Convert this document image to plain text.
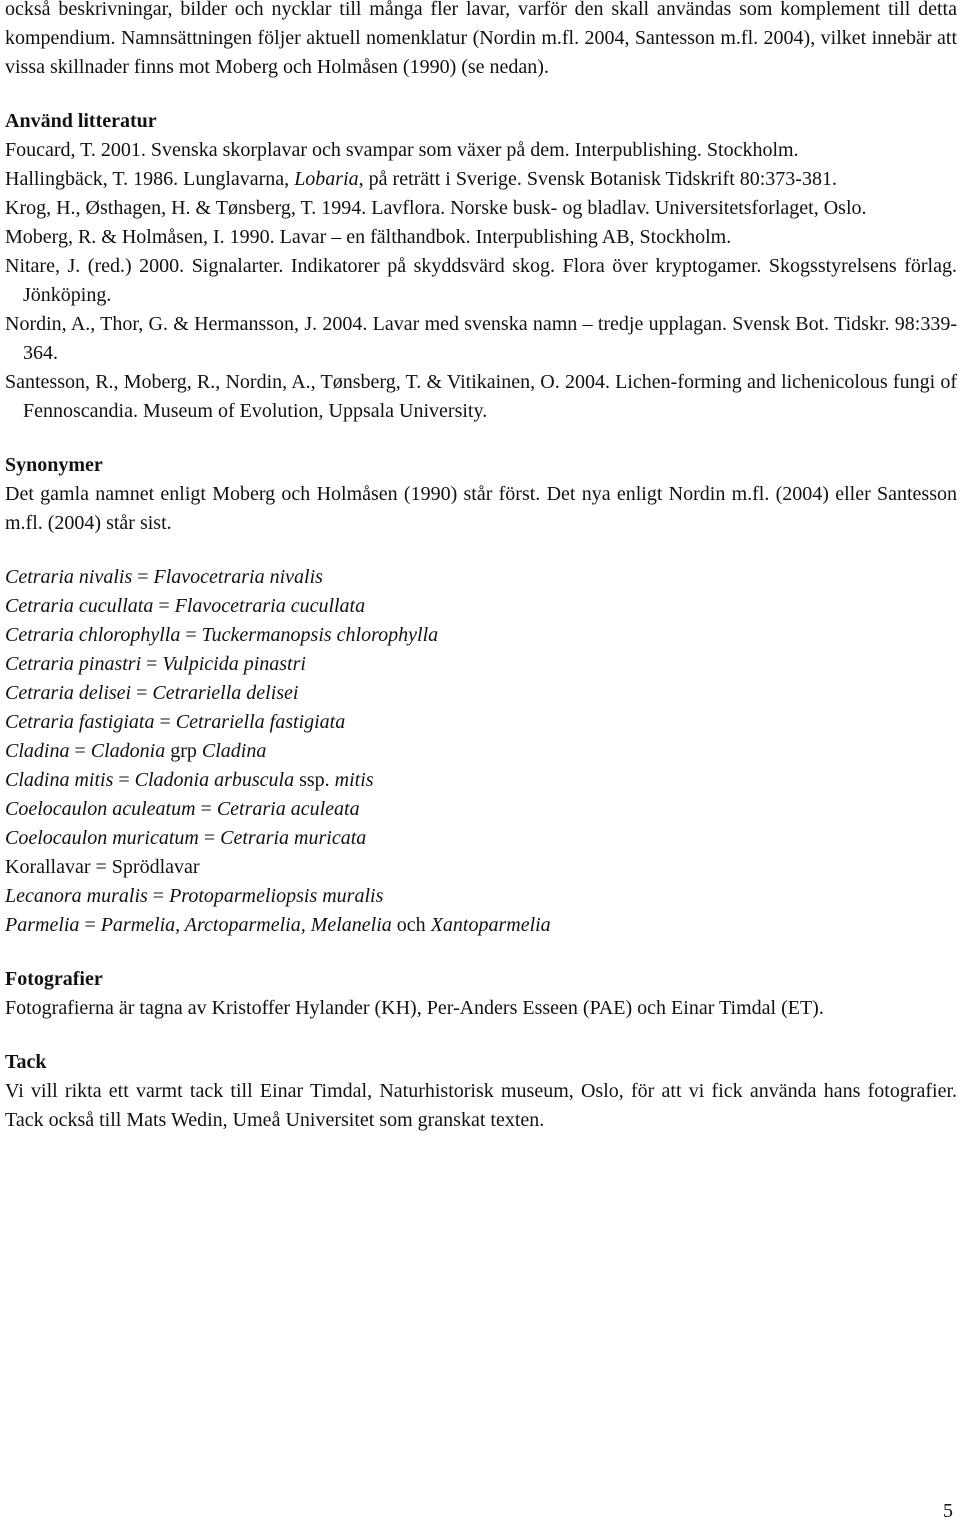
också beskrivningar, bilder och nycklar till många fler lavar, varför den skall användas som komplement till detta kompendium. Namnsättningen följer aktuell nomenklatur (Nordin m.fl. 2004, Santesson m.fl. 2004), vilket innebär att vissa skillnader finns mot Moberg och Holmåsen (1990) (se nedan).
Använd litteratur
Foucard, T. 2001. Svenska skorplavar och svampar som växer på dem. Interpublishing. Stockholm.
Hallingbäck, T. 1986. Lunglavarna, Lobaria, på reträtt i Sverige. Svensk Botanisk Tidskrift 80:373-381.
Krog, H., Østhagen, H. & Tønsberg, T. 1994. Lavflora. Norske busk- og bladlav. Universitetsforlaget, Oslo.
Moberg, R. & Holmåsen, I. 1990. Lavar – en fälthandbok. Interpublishing AB, Stockholm.
Nitare, J. (red.) 2000. Signalarter. Indikatorer på skyddsvärd skog. Flora över kryptogamer. Skogsstyrelsens förlag. Jönköping.
Nordin, A., Thor, G. & Hermansson, J. 2004. Lavar med svenska namn – tredje upplagan. Svensk Bot. Tidskr. 98:339-364.
Santesson, R., Moberg, R., Nordin, A., Tønsberg, T. & Vitikainen, O. 2004. Lichen-forming and lichenicolous fungi of Fennoscandia. Museum of Evolution, Uppsala University.
Synonymer
Det gamla namnet enligt Moberg och Holmåsen (1990) står först. Det nya enligt Nordin m.fl. (2004) eller Santesson m.fl. (2004) står sist.
Cetraria nivalis = Flavocetraria nivalis
Cetraria cucullata = Flavocetraria cucullata
Cetraria chlorophylla = Tuckermanopsis chlorophylla
Cetraria pinastri = Vulpicida pinastri
Cetraria delisei = Cetrariella delisei
Cetraria fastigiata = Cetrariella fastigiata
Cladina = Cladonia grp Cladina
Cladina mitis = Cladonia arbuscula ssp. mitis
Coelocaulon aculeatum = Cetraria aculeata
Coelocaulon muricatum = Cetraria muricata
Korallavar = Sprödlavar
Lecanora muralis = Protoparmeliopsis muralis
Parmelia = Parmelia, Arctoparmelia, Melanelia och Xantoparmelia
Fotografier
Fotografierna är tagna av Kristoffer Hylander (KH), Per-Anders Esseen (PAE) och Einar Timdal (ET).
Tack
Vi vill rikta ett varmt tack till Einar Timdal, Naturhistorisk museum, Oslo, för att vi fick använda hans fotografier. Tack också till Mats Wedin, Umeå Universitet som granskat texten.
5
